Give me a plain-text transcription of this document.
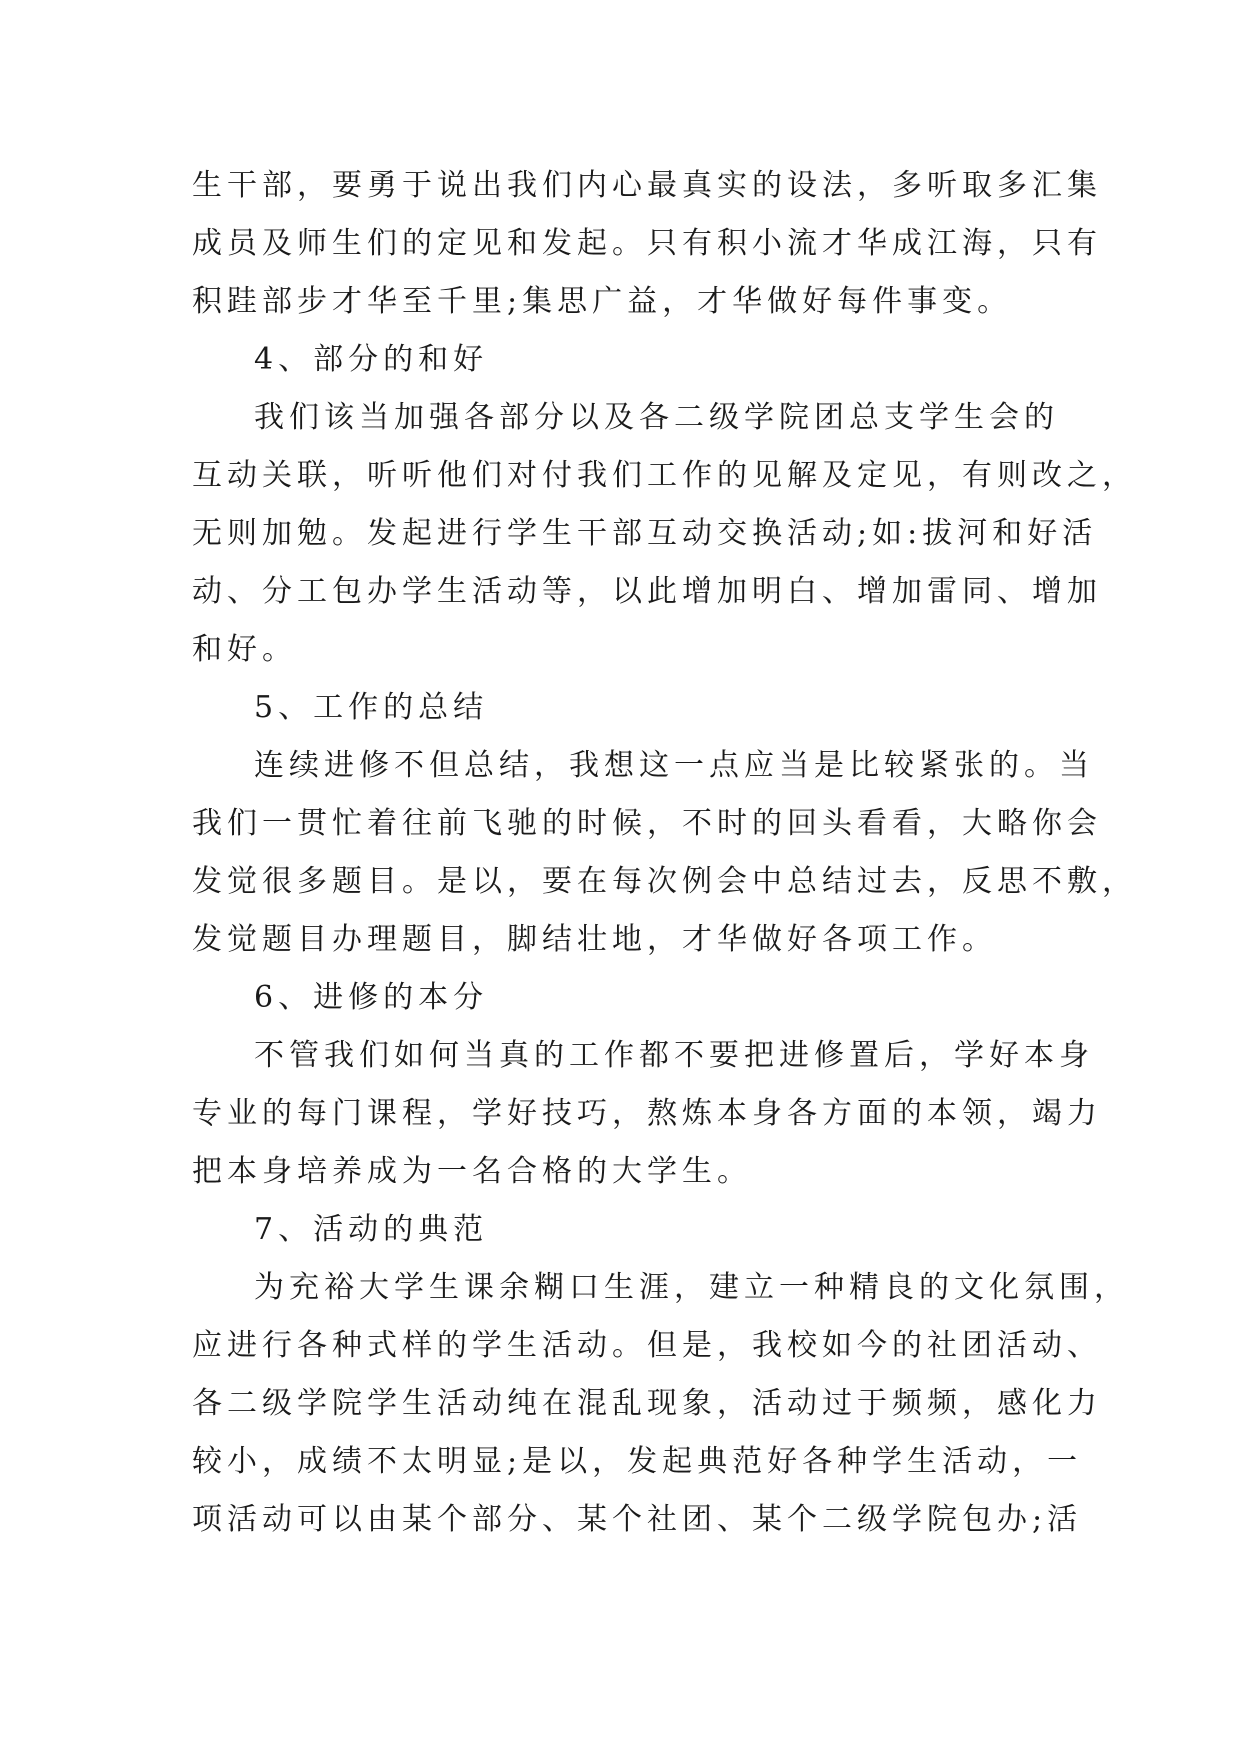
生干部，要勇于说出我们内心最真实的设法，多听取多汇集
成员及师生们的定见和发起。只有积小流才华成江海，只有
积跬部步才华至千里;集思广益，才华做好每件事变。

4、部分的和好

我们该当加强各部分以及各二级学院团总支学生会的
互动关联，听听他们对付我们工作的见解及定见，有则改之，
无则加勉。发起进行学生干部互动交换活动;如:拔河和好活
动、分工包办学生活动等，以此增加明白、增加雷同、增加
和好。

5、工作的总结

连续进修不但总结，我想这一点应当是比较紧张的。当
我们一贯忙着往前飞驰的时候，不时的回头看看，大略你会
发觉很多题目。是以，要在每次例会中总结过去，反思不敷，
发觉题目办理题目，脚结壮地，才华做好各项工作。

6、进修的本分

不管我们如何当真的工作都不要把进修置后，学好本身
专业的每门课程，学好技巧，熬炼本身各方面的本领，竭力
把本身培养成为一名合格的大学生。

7、活动的典范

为充裕大学生课余糊口生涯，建立一种精良的文化氛围，
应进行各种式样的学生活动。但是，我校如今的社团活动、
各二级学院学生活动纯在混乱现象，活动过于频频，感化力
较小，成绩不太明显;是以，发起典范好各种学生活动，一
项活动可以由某个部分、某个社团、某个二级学院包办;活
